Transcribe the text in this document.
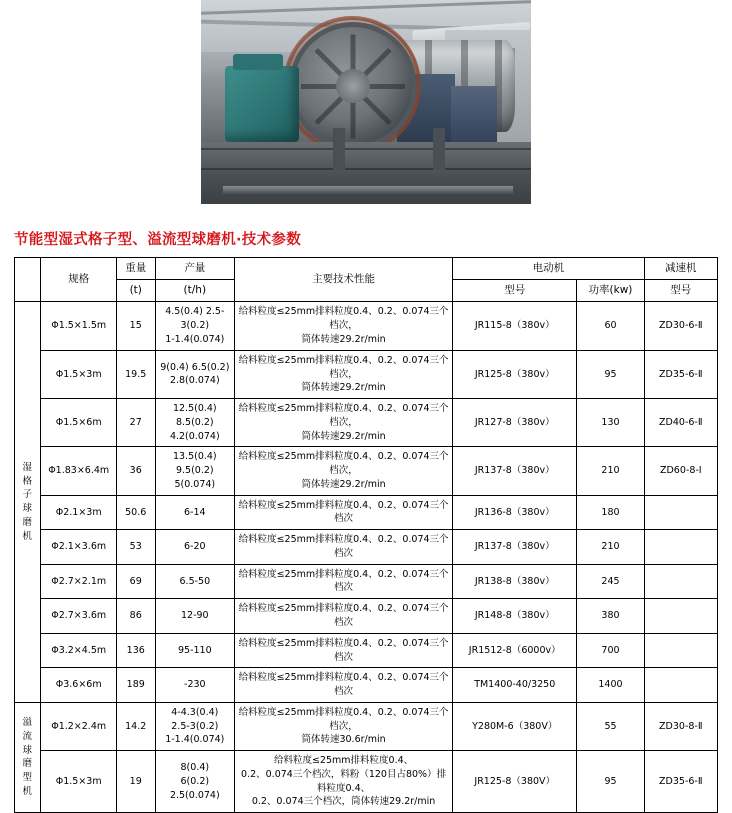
节能型湿式格子型、溢流型球磨机·技术参数
	规格	重量	产量	主要技术性能	电动机		减速机
		(t)	(t/h)		型号	功率(kw)	型号

湿
格
子
球
磨
机
	Φ1.5×1.5m	15	4.5(0.4) 2.5-3(0.2)
1-1.4(0.074)	给料粒度≤25mm排料粒度0.4、0.2、0.074三个档次，
筒体转速29.2r/min	JR115-8（380v）	60	ZD30-6-Ⅱ
	Φ1.5×3m	19.5	9(0.4) 6.5(0.2)
2.8(0.074)	给料粒度≤25mm排料粒度0.4、0.2、0.074三个档次，
筒体转速29.2r/min	JR125-8（380v）	95	ZD35-6-Ⅱ
	Φ1.5×6m	27	12.5(0.4) 8.5(0.2)
4.2(0.074)	给料粒度≤25mm排料粒度0.4、0.2、0.074三个档次，
筒体转速29.2r/min	JR127-8（380v）	130	ZD40-6-Ⅱ
	Φ1.83×6.4m	36	13.5(0.4) 9.5(0.2)
5(0.074)	给料粒度≤25mm排料粒度0.4、0.2、0.074三个档次，
筒体转速29.2r/min	JR137-8（380v）	210	ZD60-8-Ⅰ
	Φ2.1×3m	50.6	6-14	给料粒度≤25mm排料粒度0.4、0.2、0.074三个档次	JR136-8（380v）	180	
	Φ2.1×3.6m	53	6-20	给料粒度≤25mm排料粒度0.4、0.2、0.074三个档次	JR137-8（380v）	210	
	Φ2.7×2.1m	69	6.5-50	给料粒度≤25mm排料粒度0.4、0.2、0.074三个档次	JR138-8（380v）	245	
	Φ2.7×3.6m	86	12-90	给料粒度≤25mm排料粒度0.4、0.2、0.074三个档次	JR148-8（380v）	380	
	Φ3.2×4.5m	136	95-110	给料粒度≤25mm排料粒度0.4、0.2、0.074三个档次	JR1512-8（6000v）	700	
	Φ3.6×6m	189	-230	给料粒度≤25mm排料粒度0.4、0.2、0.074三个档次	TM1400-40/3250	1400	

溢
流
球
磨
型
机
	Φ1.2×2.4m	14.2	4-4.3(0.4)
2.5-3(0.2)
1-1.4(0.074)	给料粒度≤25mm排料粒度0.4、0.2、0.074三个档次，
筒体转速30.6r/min	Y280M-6（380V）	55	ZD30-8-Ⅱ
	Φ1.5×3m	19	8(0.4)
6(0.2)
2.5(0.074)	给料粒度≤25mm排料粒度0.4、
0.2、0.074三个档次，料粉（120目占80%）排料粒度0.4、
0.2、0.074三个档次，筒体转速29.2r/min	JR125-8（380V）	95	ZD35-6-Ⅱ
